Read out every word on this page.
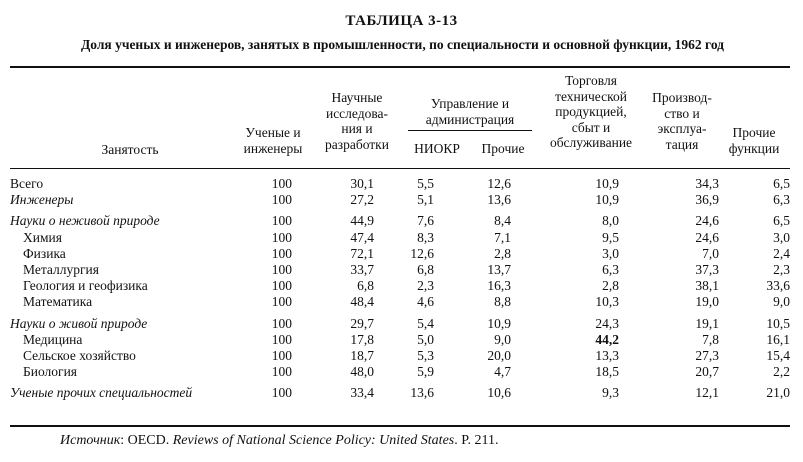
ТАБЛИЦА 3-13
Доля ученых и инженеров, занятых в промышленности, по специальности и основной функции, 1962 год
Занятость
Ученые и
инженеры
Научные
исследова-
ния и
разработки
Управление и
администрация
НИОКР	Прочие
Торговля
технической
продукцией,
сбыт и
обслуживание
Производ-
ство и
эксплуа-
тация
Прочие
функции
Всего	100	30,1	5,5	12,6	10,9	34,3	6,5
Инженеры	100	27,2	5,1	13,6	10,9	36,9	6,3
Науки о неживой природе	100	44,9	7,6	8,4	8,0	24,6	6,5
Химия	100	47,4	8,3	7,1	9,5	24,6	3,0
Физика	100	72,1	12,6	2,8	3,0	7,0	2,4
Металлургия	100	33,7	6,8	13,7	6,3	37,3	2,3
Геология и геофизика	100	6,8	2,3	16,3	2,8	38,1	33,6
Математика	100	48,4	4,6	8,8	10,3	19,0	9,0
Науки о живой природе	100	29,7	5,4	10,9	24,3	19,1	10,5
Медицина	100	17,8	5,0	9,0	44,2	7,8	16,1
Сельское хозяйство	100	18,7	5,3	20,0	13,3	27,3	15,4
Биология	100	48,0	5,9	4,7	18,5	20,7	2,2
Ученые прочих специальностей	100	33,4	13,6	10,6	9,3	12,1	21,0
Источник: OECD. Reviews of National Science Policy: United States. P. 211.
